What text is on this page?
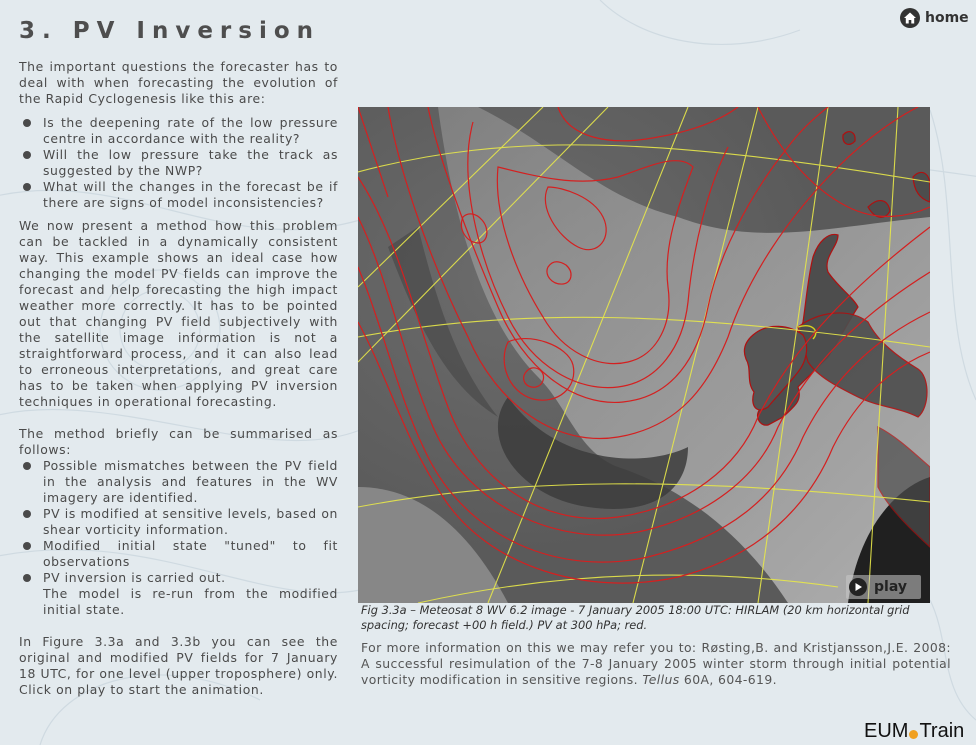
3. PV Inversion	home

The important questions the forecaster has to deal with when forecasting the evolution of the Rapid Cyclogenesis like this are:

Is the deepening rate of the low pressure centre in accordance with the reality?
Will the low pressure take the track as suggested by the NWP?
What will the changes in the forecast be if there are signs of model inconsistencies?

We now present a method how this problem can be tackled in a dynamically consistent way. This example shows an ideal case how changing the model PV fields can improve the forecast and help forecasting the high impact weather more correctly. It has to be pointed out that changing PV field subjectively with the satellite image information is not a straightforward process, and it can also lead to erroneous interpretations, and great care has to be taken when applying PV inversion techniques in operational forecasting.

The method briefly can be summarised as follows:

Possible mismatches between the PV field in the analysis and features in the WV imagery are identified.
PV is modified at sensitive levels, based on shear vorticity information.
Modified initial state "tuned" to fit observations
PV inversion is carried out.
The model is re-run from the modified initial state.

In Figure 3.3a and 3.3b you can see the original and modified PV fields for 7 January 18 UTC, for one level (upper troposphere) only. Click on play to start the animation.

play

Fig 3.3a – Meteosat 8 WV 6.2 image - 7 January 2005 18:00 UTC: HIRLAM (20 km horizontal grid spacing; forecast +00 h field.) PV at 300 hPa; red.

For more information on this we may refer you to: Røsting,B. and Kristjansson,J.E. 2008: A successful resimulation of the 7-8 January 2005 winter storm through initial potential vorticity modification in sensitive regions. Tellus 60A, 604-619.

EUM Train
